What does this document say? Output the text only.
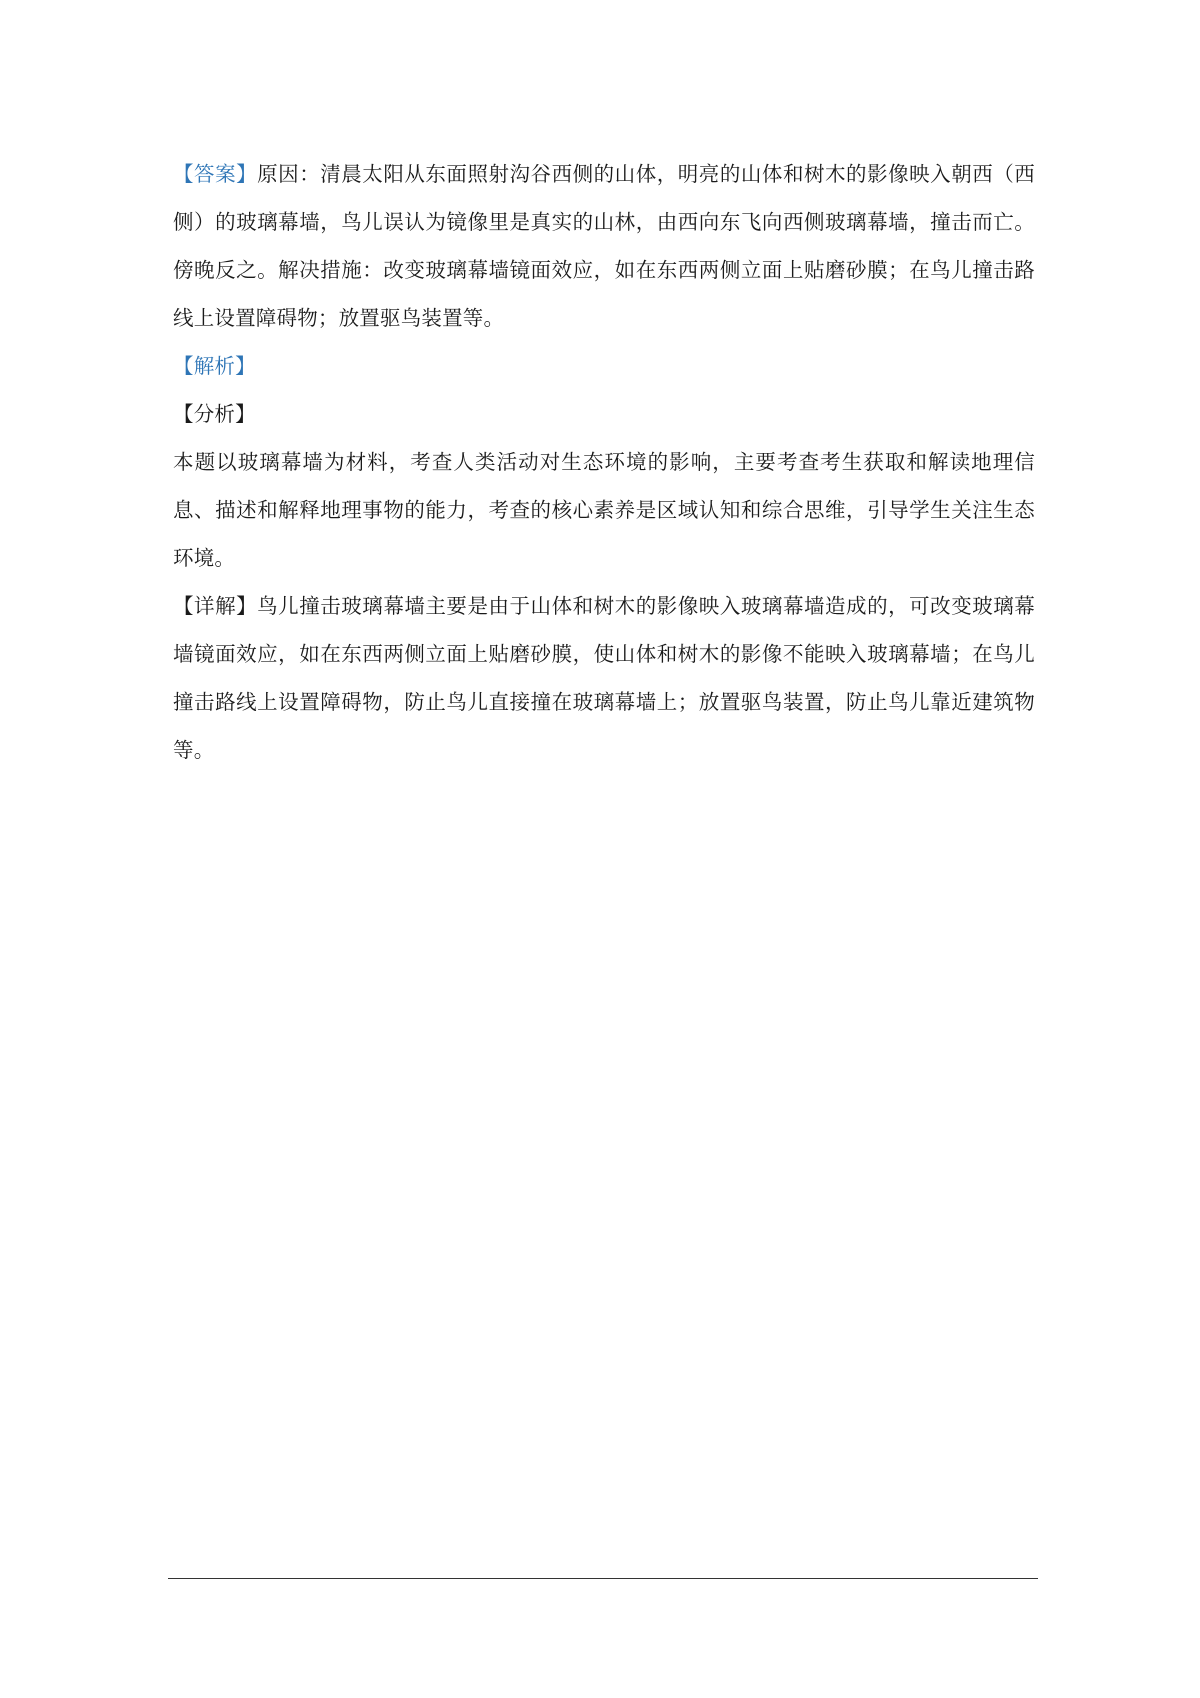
【答案】原因：清晨太阳从东面照射沟谷西侧的山体，明亮的山体和树木的影像映入朝西（西侧）的玻璃幕墙，鸟儿误认为镜像里是真实的山林，由西向东飞向西侧玻璃幕墙，撞击而亡。傍晚反之。解决措施：改变玻璃幕墙镜面效应，如在东西两侧立面上贴磨砂膜；在鸟儿撞击路线上设置障碍物；放置驱鸟装置等。

【解析】

【分析】

本题以玻璃幕墙为材料，考查人类活动对生态环境的影响，主要考查考生获取和解读地理信息、描述和解释地理事物的能力，考查的核心素养是区域认知和综合思维，引导学生关注生态环境。

【详解】鸟儿撞击玻璃幕墙主要是由于山体和树木的影像映入玻璃幕墙造成的，可改变玻璃幕墙镜面效应，如在东西两侧立面上贴磨砂膜，使山体和树木的影像不能映入玻璃幕墙；在鸟儿撞击路线上设置障碍物，防止鸟儿直接撞在玻璃幕墙上；放置驱鸟装置，防止鸟儿靠近建筑物等。
